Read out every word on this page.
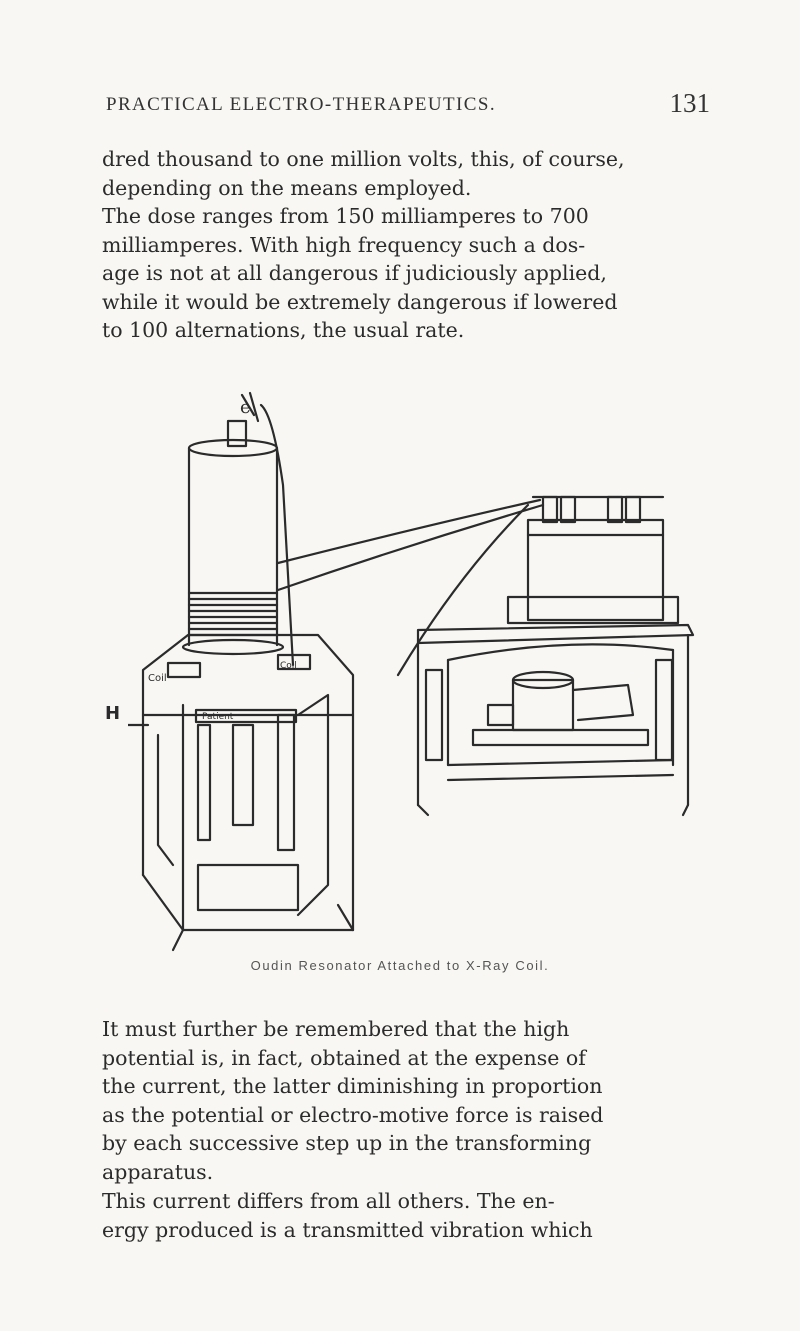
PRACTICAL ELECTRO-THERAPEUTICS.	131

dred thousand to one million volts, this, of course,
depending on the means employed.

The dose ranges from 150 milliamperes to 700
milliamperes. With high frequency such a dos-
age is not at all dangerous if judiciously applied,
while it would be extremely dangerous if lowered
to 100 alternations, the usual rate.

e
Coil
Coil
Patient
Oudin Resonator Attached to X-Ray Coil.
H

It must further be remembered that the high
potential is, in fact, obtained at the expense of
the current, the latter diminishing in proportion
as the potential or electro-motive force is raised
by each successive step up in the transforming
apparatus.

This current differs from all others. The en-
ergy produced is a transmitted vibration which
